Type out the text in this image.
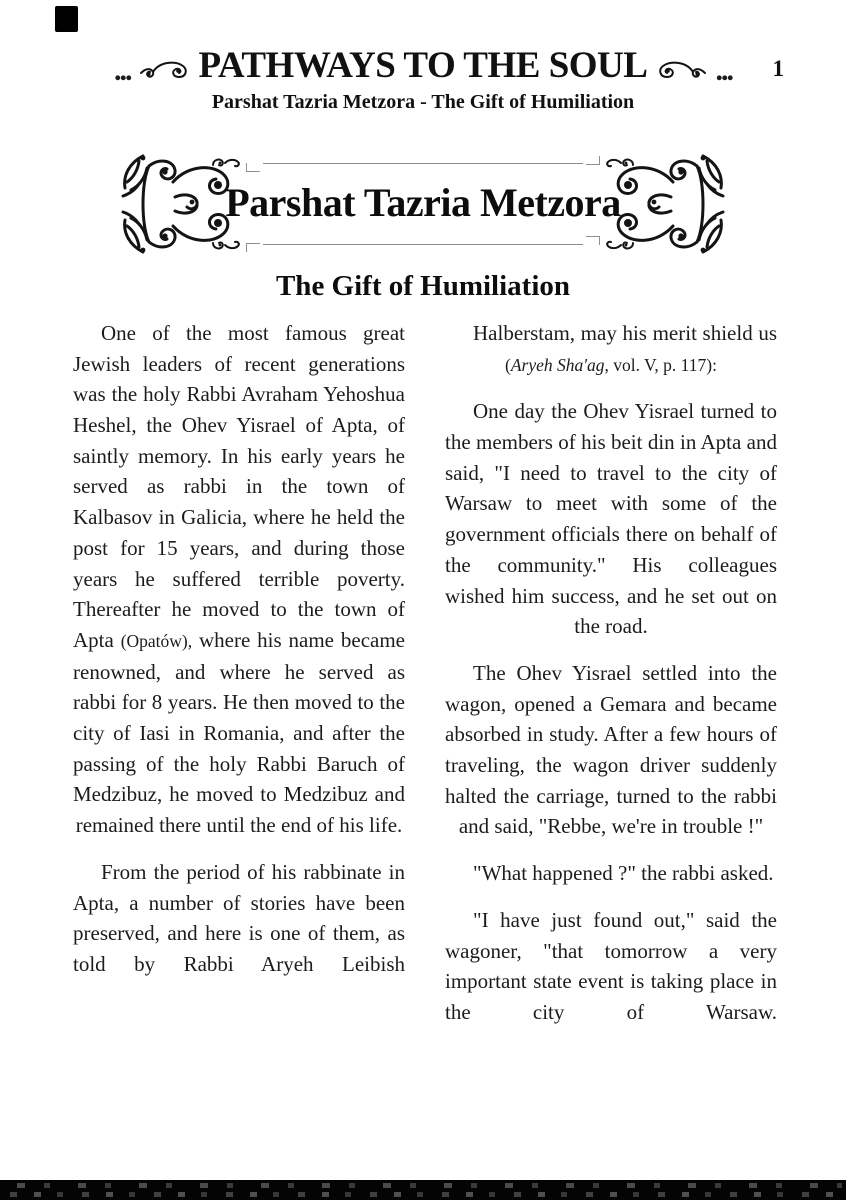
1
... PATHWAYS TO THE SOUL ...
Parshat Tazria Metzora - The Gift of Humiliation
Parshat Tazria Metzora
The Gift of Humiliation

One of the most famous great Jewish leaders of recent generations was the holy Rabbi Avraham Yehoshua Heshel, the Ohev Yisrael of Apta, of saintly memory. In his early years he served as rabbi in the town of Kalbasov in Galicia, where he held the post for 15 years, and during those years he suffered terrible poverty. Thereafter he moved to the town of Apta (Opatów), where his name became renowned, and where he served as rabbi for 8 years. He then moved to the city of Iasi in Romania, and after the passing of the holy Rabbi Baruch of Medzibuz, he moved to Medzibuz and remained there until the end of his life.

From the period of his rabbinate in Apta, a number of stories have been preserved, and here is one of them, as told by Rabbi Aryeh Leibish

Halberstam, may his merit shield us (Aryeh Sha'ag, vol. V, p. 117):

One day the Ohev Yisrael turned to the members of his beit din in Apta and said, "I need to travel to the city of Warsaw to meet with some of the government officials there on behalf of the community." His colleagues wished him success, and he set out on the road.

The Ohev Yisrael settled into the wagon, opened a Gemara and became absorbed in study. After a few hours of traveling, the wagon driver suddenly halted the carriage, turned to the rabbi and said, "Rebbe, we're in trouble !"

"What happened ?" the rabbi asked.

"I have just found out," said the wagoner, "that tomorrow a very important state event is taking place in the city of Warsaw.
